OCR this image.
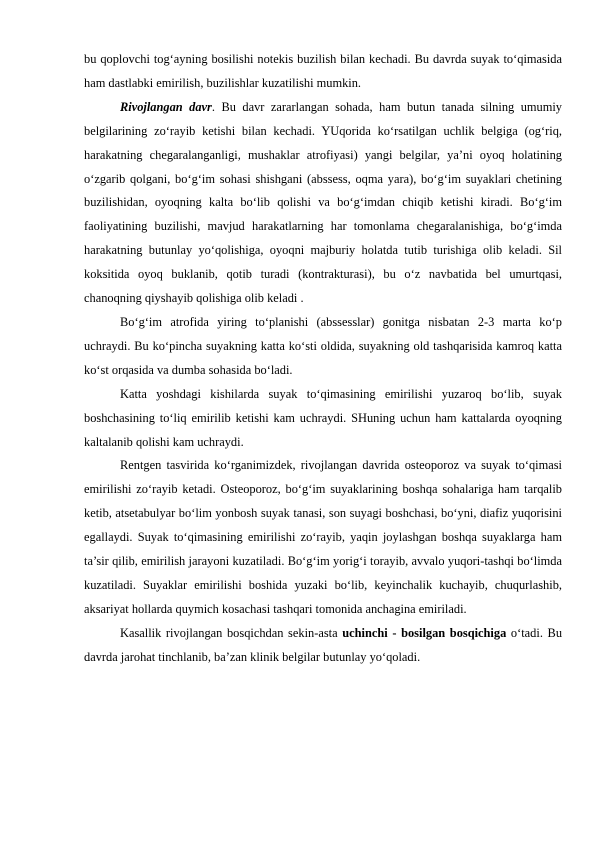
bu qoplovchi tog‘ayning bosilishi notekis buzilish bilan kechadi. Bu davrda suyak to‘qimasida ham dastlabki emirilish, buzilishlar kuzatilishi mumkin.

Rivojlangan davr. Bu davr zararlangan sohada, ham butun tanada silning umumiy belgilarining zo‘rayib ketishi bilan kechadi. YUqorida ko‘rsatilgan uchlik belgiga (og‘riq, harakatning chegaralanganligi, mushaklar atrofiyasi) yangi belgilar, ya’ni oyoq holatining o‘zgarib qolgani, bo‘g‘im sohasi shishgani (abssess, oqma yara), bo‘g‘im suyaklari chetining buzilishidan, oyoqning kalta bo‘lib qolishi va bo‘g‘imdan chiqib ketishi kiradi. Bo‘g‘im faoliyatining buzilishi, mavjud harakatlarning har tomonlama chegaralanishiga, bo‘g‘imda harakatning butunlay yo‘qolishiga, oyoqni majburiy holatda tutib turishiga olib keladi. Sil koksitida oyoq buklanib, qotib turadi (kontrakturasi), bu o‘z navbatida bel umurtqasi, chanoqning qiyshayib qolishiga olib keladi .

Bo‘g‘im atrofida yiring to‘planishi (abssesslar) gonitga nisbatan 2-3 marta ko‘p uchraydi. Bu ko‘pincha suyakning katta ko‘sti oldida, suyakning old tashqarisida kamroq katta ko‘st orqasida va dumba sohasida bo‘ladi.

Katta yoshdagi kishilarda suyak to‘qimasining emirilishi yuzaroq bo‘lib, suyak boshchasining to‘liq emirilib ketishi kam uchraydi. SHuning uchun ham kattalarda oyoqning kaltalanib qolishi kam uchraydi.

Rentgen tasvirida ko‘rganimizdek, rivojlangan davrida osteoporoz va suyak to‘qimasi emirilishi zo‘rayib ketadi. Osteoporoz, bo‘g‘im suyaklarining boshqa sohalariga ham tarqalib ketib, atsetabulyar bo‘lim yonbosh suyak tanasi, son suyagi boshchasi, bo‘yni, diafiz yuqorisini egallaydi. Suyak to‘qimasining emirilishi zo‘rayib, yaqin joylashgan boshqa suyaklarga ham ta’sir qilib, emirilish jarayoni kuzatiladi. Bo‘g‘im yorig‘i torayib, avvalo yuqori-tashqi bo‘limda kuzatiladi. Suyaklar emirilishi boshida yuzaki bo‘lib, keyinchalik kuchayib, chuqurlashib, aksariyat hollarda quymich kosachasi tashqari tomonida anchagina emiriladi.

Kasallik rivojlangan bosqichdan sekin-asta uchinchi - bosilgan bosqichiga o‘tadi. Bu davrda jarohat tinchlanib, ba’zan klinik belgilar butunlay yo‘qoladi.
